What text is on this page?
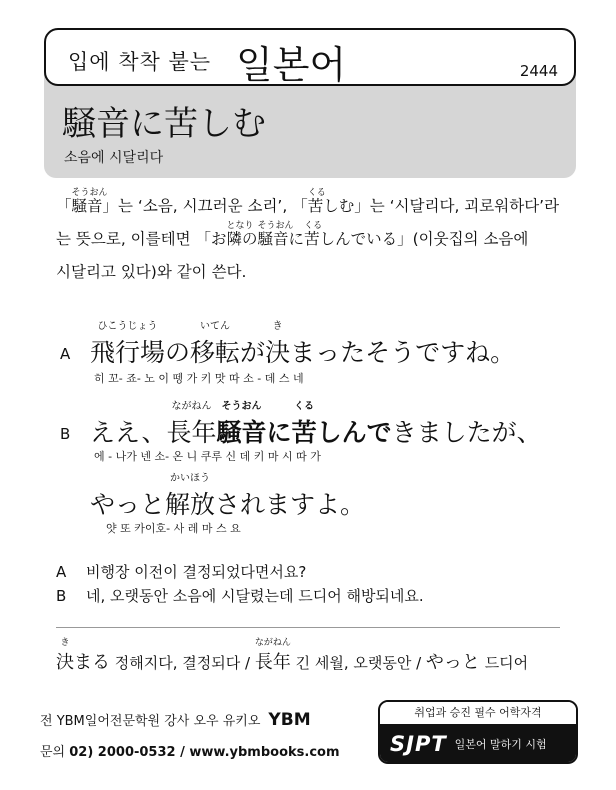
입에 착착 붙는 일본어	2444
騒音に苦しむ
소음에 시달리다

「
そうおん
騒音」는 ‘소음, 시끄러운 소리’, 「
くる
苦しむ」는 ‘시달리다, 괴로워하다’라

는 뜻으로, 이를테면 「お
となり
隣の
そうおん
騒音に
くる
苦しんでいる」(이웃집의 소음에

시달리고 있다)와 같이 쓴다.

A
ひこうじょう
飛行場の
いてん
移転が
き
決まったそうですね。
히 꼬- 죠- 노 이 뗑 가 키 맛 따 소 - 데 스 네
B ええ、
ながねん
長年
そうおん
騒音に
くる
苦しんできましたが、
에 - 나가 넨 소- 온 니 쿠루 신 데 키 마 시 따 가
やっと
かいほう
解放されますよ。
얏 또 카이호- 사 레 마 스 요
A 비행장 이전이 결정되었다면서요?
B 네, 오랫동안 소음에 시달렸는데 드디어 해방되네요.
き
決まる 정해지다, 결정되다 /
ながねん
長年 긴 세월, 오랫동안 / やっと 드디어
전 YBM일어전문학원 강사 오우 유키오 YBM
문의 02) 2000-0532 / www.ybmbooks.com
취업과 승진 필수 어학자격
SJPT 일본어 말하기 시험
